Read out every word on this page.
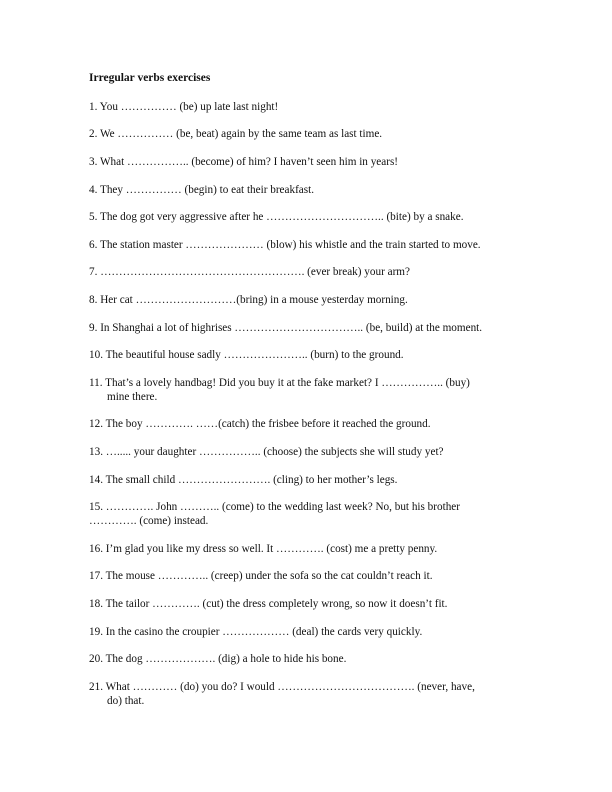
Irregular verbs exercises
1. You …………… (be) up late last night!
2. We …………… (be, beat) again by the same team as last time.
3. What …………….. (become) of him? I haven’t seen him in years!
4. They …………… (begin) to eat their breakfast.
5. The dog got very aggressive after he ………………………….. (bite) by a snake.
6. The station master ………………… (blow) his whistle and the train started to move.
7. ………………………………………………. (ever break) your arm?
8. Her cat ………………………(bring) in a mouse yesterday morning.
9. In Shanghai a lot of highrises …………………………….. (be, build) at the moment.
10. The beautiful house sadly ………………….. (burn) to the ground.
11. That’s a lovely handbag! Did you buy it at the fake market? I …………….. (buy)
mine there.
12. The boy …………. ……(catch) the frisbee before it reached the ground.
13. …..... your daughter …………….. (choose) the subjects she will study yet?
14. The small child ……………………. (cling) to her mother’s legs.
15. …………. John ……….. (come) to the wedding last week? No, but his brother
…………. (come) instead.
16. I’m glad you like my dress so well. It …………. (cost) me a pretty penny.
17. The mouse ………….. (creep) under the sofa so the cat couldn’t reach it.
18. The tailor …………. (cut) the dress completely wrong, so now it doesn’t fit.
19. In the casino the croupier ……………… (deal) the cards very quickly.
20. The dog ………………. (dig) a hole to hide his bone.
21. What ………… (do) you do? I would ………………………………. (never, have,
do) that.
